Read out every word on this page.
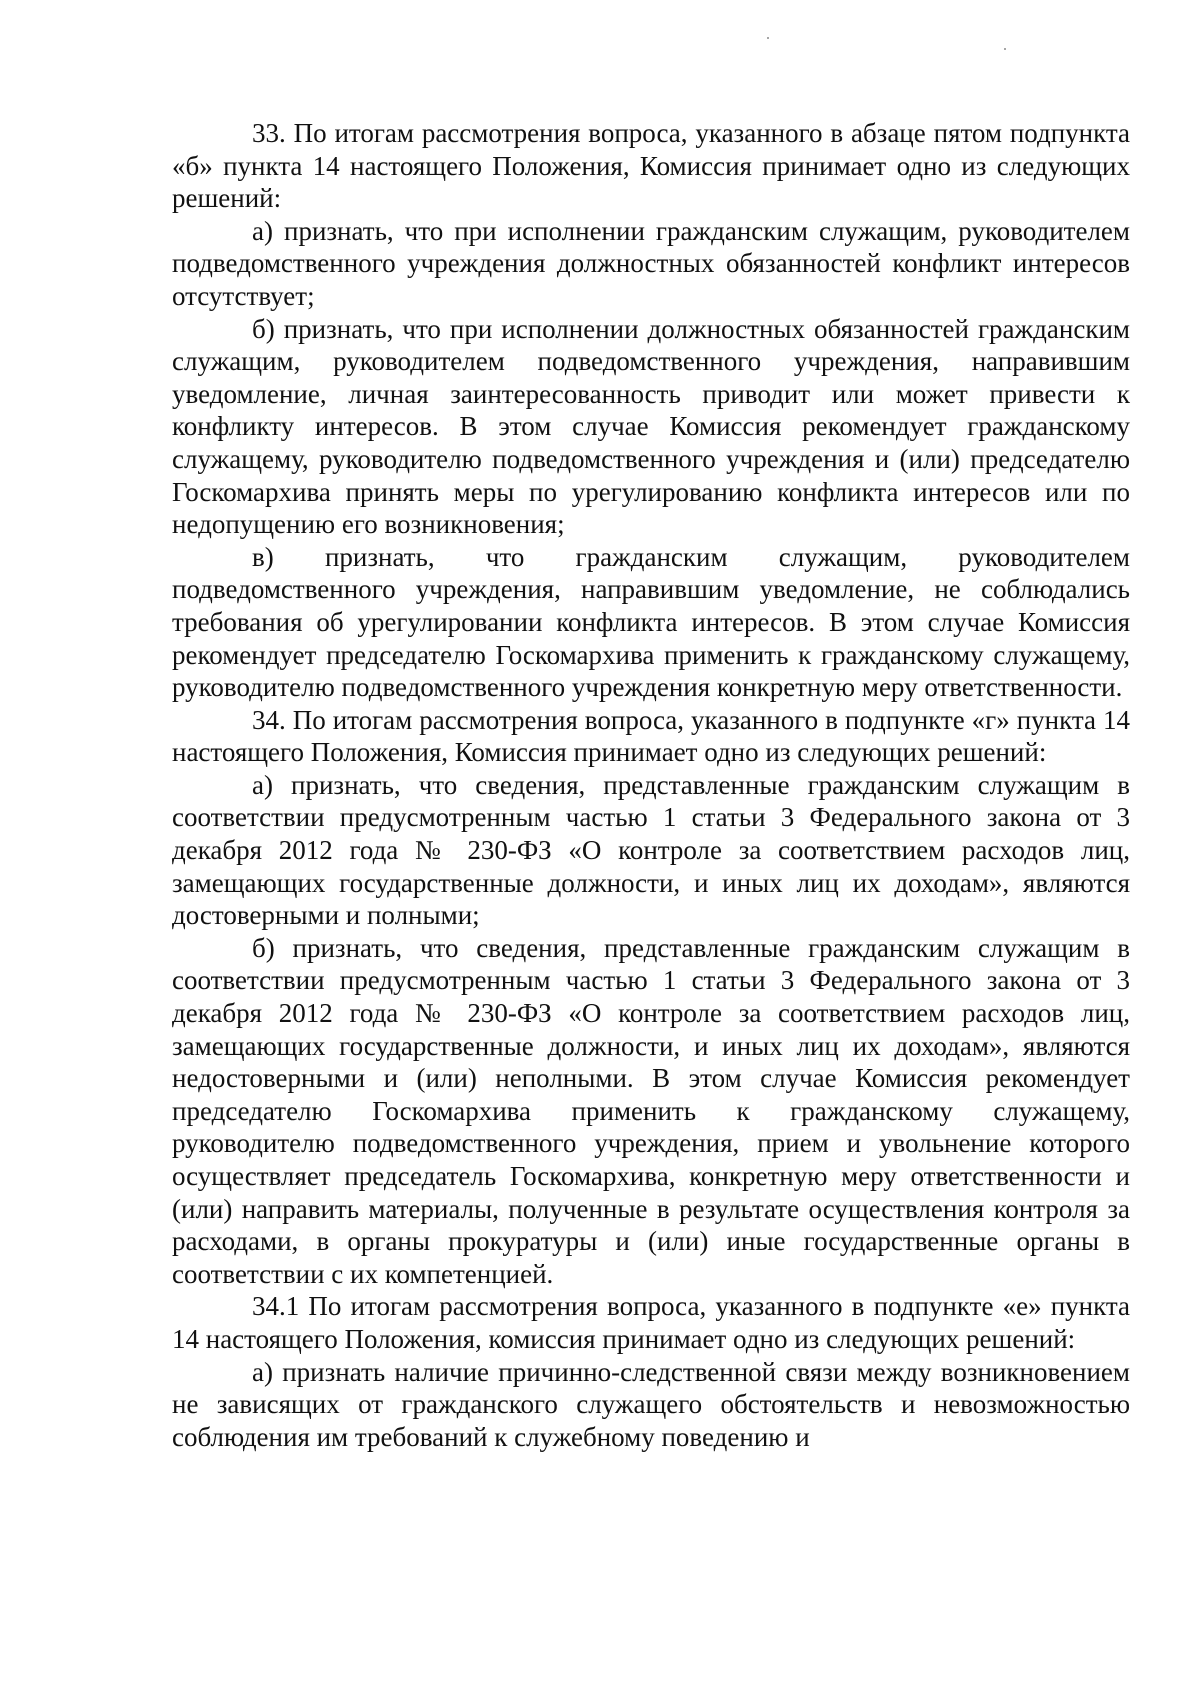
33. По итогам рассмотрения вопроса, указанного в абзаце пятом подпункта «б» пункта 14 настоящего Положения, Комиссия принимает одно из следующих решений:

а) признать, что при исполнении гражданским служащим, руководителем подведомственного учреждения должностных обязанностей конфликт интересов отсутствует;

б) признать, что при исполнении должностных обязанностей гражданским служащим, руководителем подведомственного учреждения, направившим уведомление, личная заинтересованность приводит или может привести к конфликту интересов. В этом случае Комиссия рекомендует гражданскому служащему, руководителю подведомственного учреждения и (или) председателю Госкомархива принять меры по урегулированию конфликта интересов или по недопущению его возникновения;

в) признать, что гражданским служащим, руководителем подведомственного учреждения, направившим уведомление, не соблюдались требования об урегулировании конфликта интересов. В этом случае Комиссия рекомендует председателю Госкомархива применить к гражданскому служащему, руководителю подведомственного учреждения конкретную меру ответственности.

34. По итогам рассмотрения вопроса, указанного в подпункте «г» пункта 14 настоящего Положения, Комиссия принимает одно из следующих решений:

а) признать, что сведения, представленные гражданским служащим в соответствии предусмотренным частью 1 статьи 3 Федерального закона от 3 декабря 2012 года № 230-ФЗ «О контроле за соответствием расходов лиц, замещающих государственные должности, и иных лиц их доходам», являются достоверными и полными;

б) признать, что сведения, представленные гражданским служащим в соответствии предусмотренным частью 1 статьи 3 Федерального закона от 3 декабря 2012 года № 230-ФЗ «О контроле за соответствием расходов лиц, замещающих государственные должности, и иных лиц их доходам», являются недостоверными и (или) неполными. В этом случае Комиссия рекомендует председателю Госкомархива применить к гражданскому служащему, руководителю подведомственного учреждения, прием и увольнение которого осуществляет председатель Госкомархива, конкретную меру ответственности и (или) направить материалы, полученные в результате осуществления контроля за расходами, в органы прокуратуры и (или) иные государственные органы в соответствии с их компетенцией.

34.1 По итогам рассмотрения вопроса, указанного в подпункте «е» пункта 14 настоящего Положения, комиссия принимает одно из следующих решений:

а) признать наличие причинно-следственной связи между возникновением не зависящих от гражданского служащего обстоятельств и невозможностью соблюдения им требований к служебному поведению и
